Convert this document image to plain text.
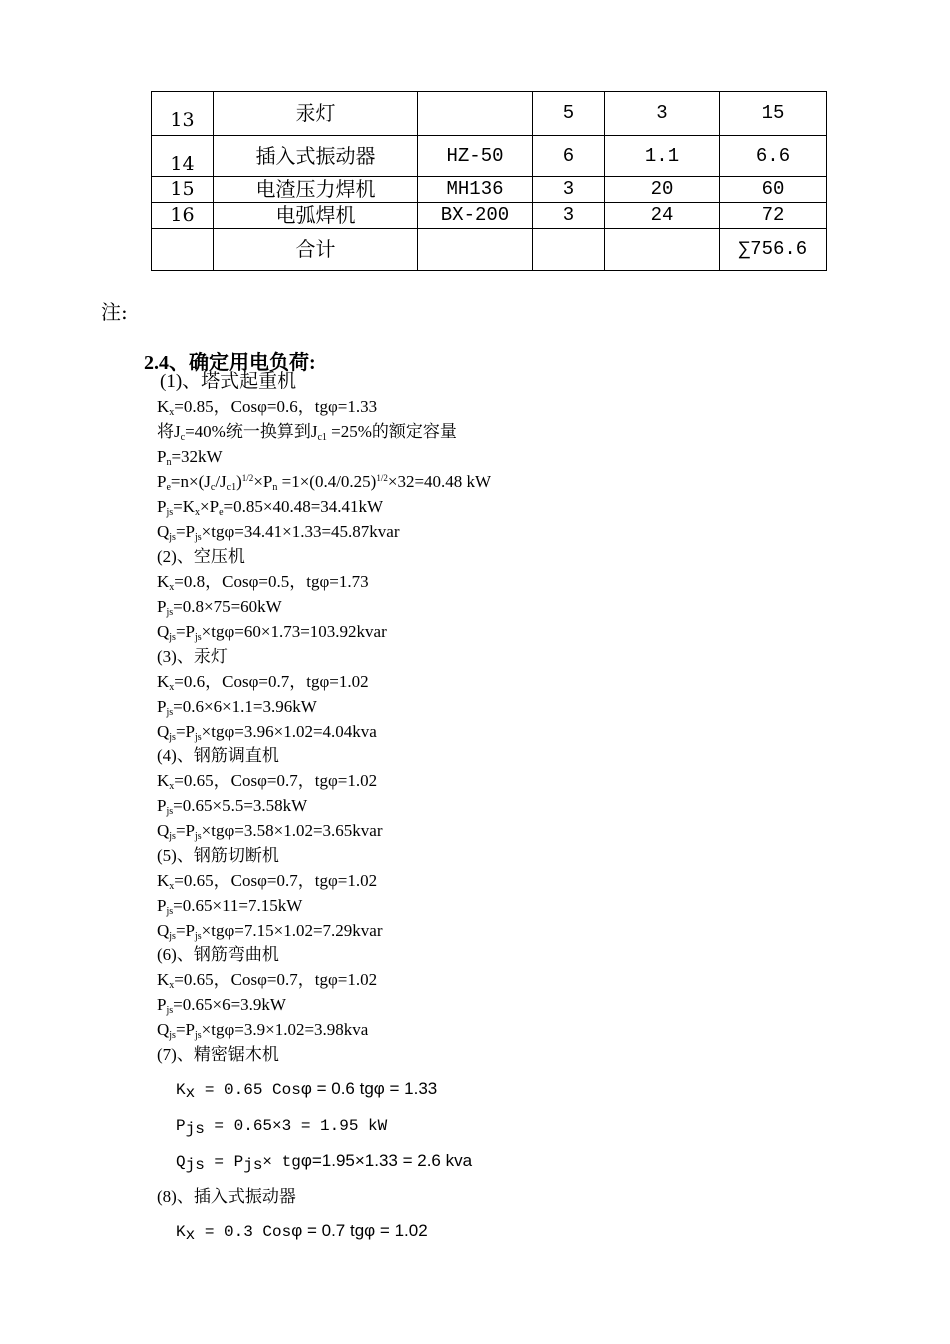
13	汞灯		5	3	15
14	插入式振动器	HZ-50	6	1.1	6.6
15	电渣压力焊机	MH136	3	20	60
16	电弧焊机	BX-200	3	24	72
	合计				∑756.6
注:
2.4、确定用电负荷:
(1)、塔式起重机
$K_x=0.85$，Cosφ=0.6，tgφ=1.33
将$J_c=40\%$统一换算到$J_{c1} =25\%$的额定容量
$P_n=32kW$
$P_e=n\times(J_c/J_{c1})^{1/2}\times P_n =1\times(0.4/0.25)^{1/2}\times 32=40.48$ kW
$P_{js}=K_x\times P_e=0.85\times 40.48=34.41kW$
$Q_{js}=P_{js}\times tg\varphi=34.41\times 1.33=45.87kvar$
(2)、空压机
$K_x=0.8$，Cosφ=0.5，tgφ=1.73
$P_{js}=0.8\times 75=60kW$
$Q_{js}=P_{js}\times tg\varphi=60\times 1.73=103.92kvar$
(3)、汞灯
$K_x=0.6$，Cosφ=0.7，tgφ=1.02
$P_{js}=0.6\times 6\times 1.1=3.96kW$
$Q_{js}=P_{js}\times tg\varphi=3.96\times 1.02=4.04kva$
(4)、钢筋调直机
$K_x=0.65$，Cosφ=0.7，tgφ=1.02
$P_{js}=0.65\times 5.5=3.58kW$
$Q_{js}=P_{js}\times tg\varphi=3.58\times 1.02=3.65kvar$
(5)、钢筋切断机
$K_x=0.65$，Cosφ=0.7，tgφ=1.02
$P_{js}=0.65\times 11=7.15kW$
$Q_{js}=P_{js}\times tg\varphi=7.15\times 1.02=7.29kvar$
(6)、钢筋弯曲机
$K_x=0.65$，Cosφ=0.7，tgφ=1.02
$P_{js}=0.65\times 6=3.9kW$
$Q_{js}=P_{js}\times tg\varphi=3.9\times 1.02=3.98kva$
(7)、精密锯木机
$K_x = 0.65$ Cosφ = 0.6 tgφ = 1.33
$P_{js} = 0.65\times 3 = 1.95$ kW
$Q_{js} = P_{js}\times tg\varphi=1.95\times 1.33 = 2.6$ kva
(8)、插入式振动器
$K_x = 0.3$ Cosφ = 0.7 tgφ = 1.02
